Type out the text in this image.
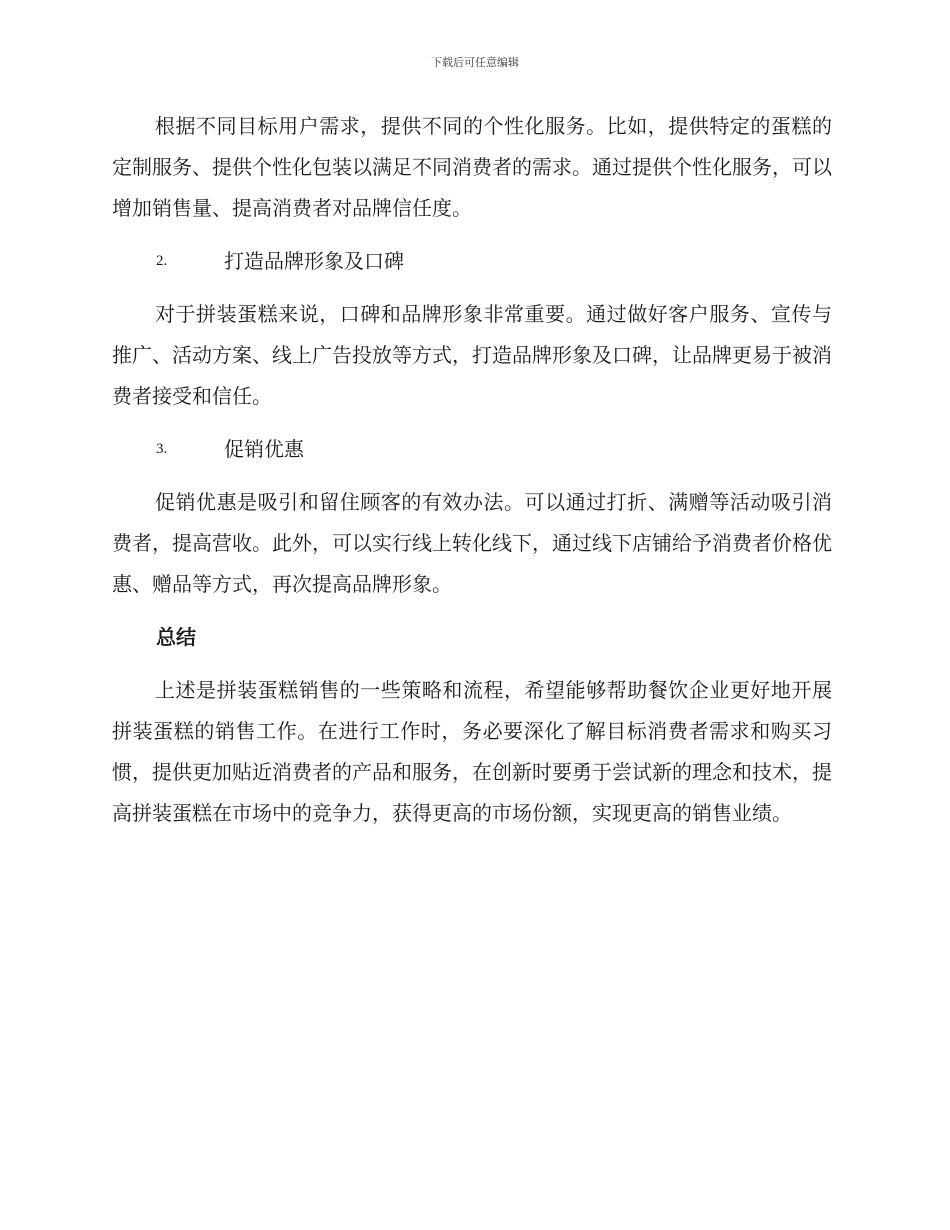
下载后可任意编辑

根据不同目标用户需求，提供不同的个性化服务。比如，提供特定的蛋糕的定制服务、提供个性化包装以满足不同消费者的需求。通过提供个性化服务，可以增加销售量、提高消费者对品牌信任度。

2.	打造品牌形象及口碑

对于拼装蛋糕来说，口碑和品牌形象非常重要。通过做好客户服务、宣传与推广、活动方案、线上广告投放等方式，打造品牌形象及口碑，让品牌更易于被消费者接受和信任。

3.	促销优惠

促销优惠是吸引和留住顾客的有效办法。可以通过打折、满赠等活动吸引消费者，提高营收。此外，可以实行线上转化线下，通过线下店铺给予消费者价格优惠、赠品等方式，再次提高品牌形象。

总结

上述是拼装蛋糕销售的一些策略和流程，希望能够帮助餐饮企业更好地开展拼装蛋糕的销售工作。在进行工作时，务必要深化了解目标消费者需求和购买习惯，提供更加贴近消费者的产品和服务，在创新时要勇于尝试新的理念和技术，提高拼装蛋糕在市场中的竞争力，获得更高的市场份额，实现更高的销售业绩。
